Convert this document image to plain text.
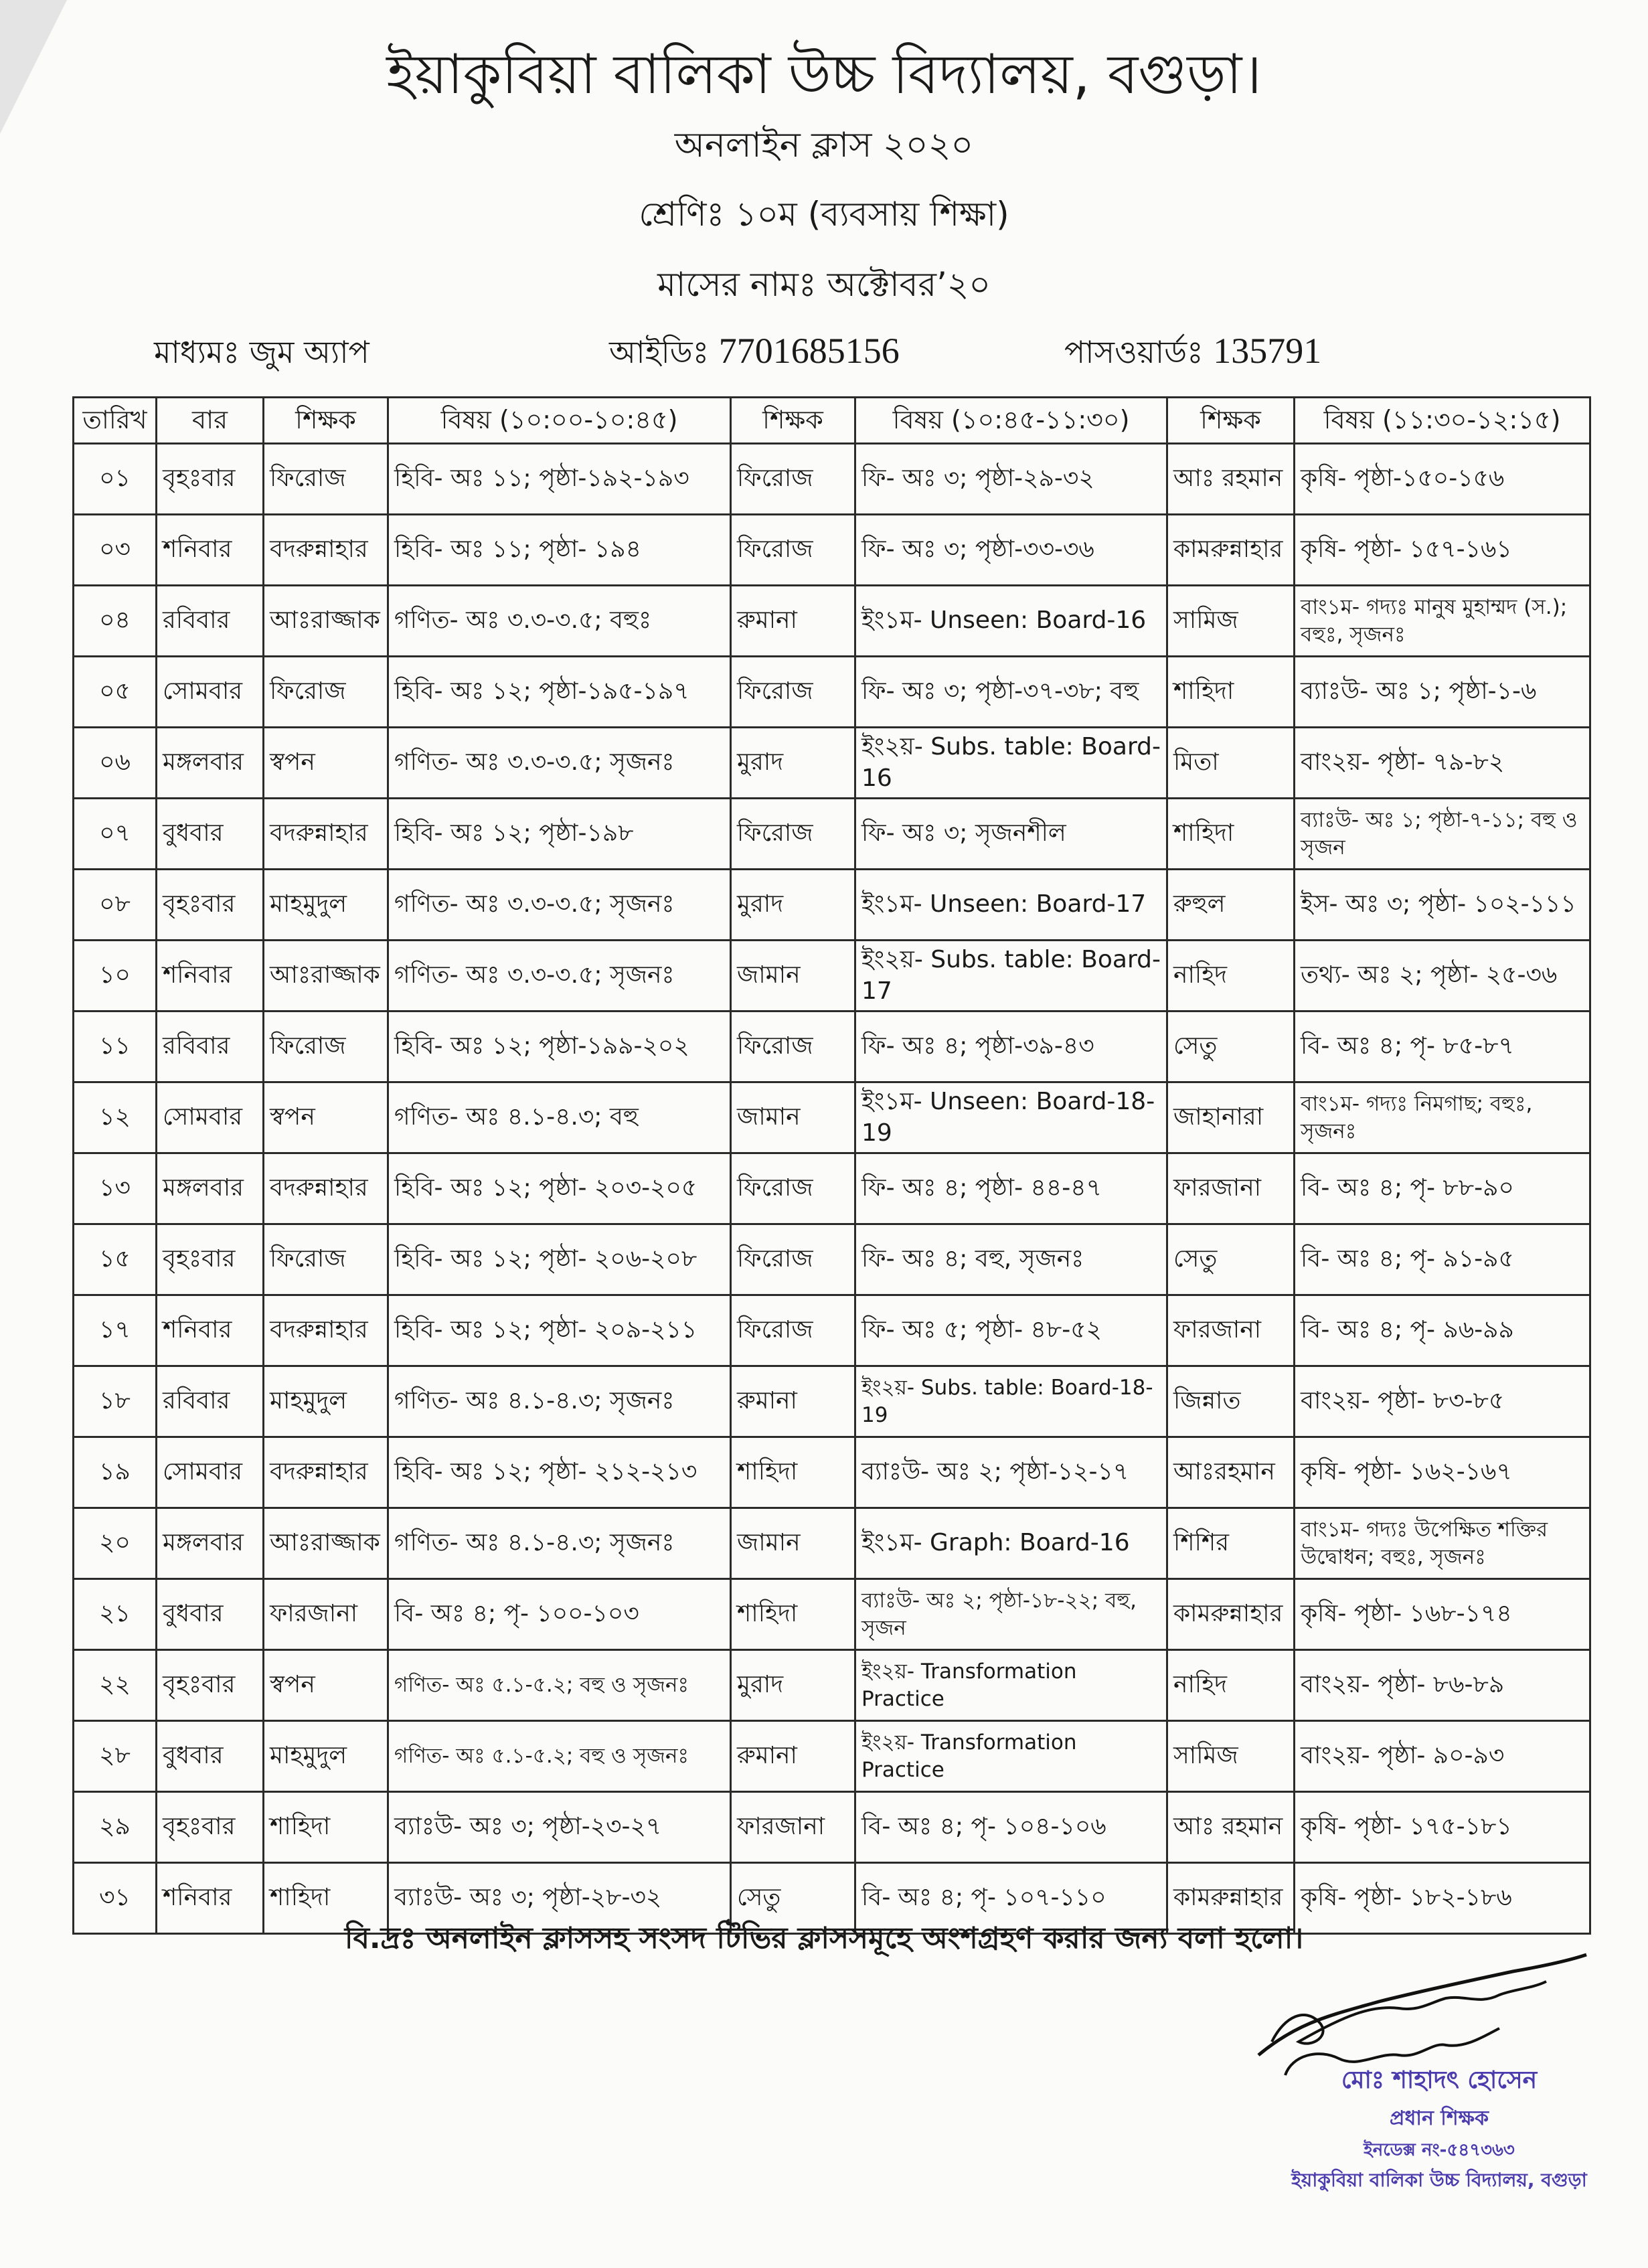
ইয়াকুবিয়া বালিকা উচ্চ বিদ্যালয়, বগুড়া।
অনলাইন ক্লাস ২০২০
শ্রেণিঃ ১০ম (ব্যবসায় শিক্ষা)
মাসের নামঃ অক্টোবর’২০
মাধ্যমঃ জুম অ্যাপ	আইডিঃ 7701685156	পাসওয়ার্ডঃ 135791
তারিখ	বার	শিক্ষক	বিষয় (১০:০০-১০:৪৫)	শিক্ষক	বিষয় (১০:৪৫-১১:৩০)	শিক্ষক	বিষয় (১১:৩০-১২:১৫)
০১	বৃহঃবার	ফিরোজ	হিবি- অঃ ১১; পৃষ্ঠা-১৯২-১৯৩	ফিরোজ	ফি- অঃ ৩; পৃষ্ঠা-২৯-৩২	আঃ রহমান	কৃষি- পৃষ্ঠা-১৫০-১৫৬
০৩	শনিবার	বদরুন্নাহার	হিবি- অঃ ১১; পৃষ্ঠা- ১৯৪	ফিরোজ	ফি- অঃ ৩; পৃষ্ঠা-৩৩-৩৬	কামরুন্নাহার	কৃষি- পৃষ্ঠা- ১৫৭-১৬১
০৪	রবিবার	আঃরাজ্জাক	গণিত- অঃ ৩.৩-৩.৫; বহুঃ	রুমানা	ইং১ম- Unseen: Board-16	সামিজ	বাং১ম- গদ্যঃ মানুষ মুহাম্মদ (স.); বহুঃ, সৃজনঃ
০৫	সোমবার	ফিরোজ	হিবি- অঃ ১২; পৃষ্ঠা-১৯৫-১৯৭	ফিরোজ	ফি- অঃ ৩; পৃষ্ঠা-৩৭-৩৮; বহু	শাহিদা	ব্যাঃউ- অঃ ১; পৃষ্ঠা-১-৬
০৬	মঙ্গলবার	স্বপন	গণিত- অঃ ৩.৩-৩.৫; সৃজনঃ	মুরাদ	ইং২য়- Subs. table: Board-16	মিতা	বাং২য়- পৃষ্ঠা- ৭৯-৮২
০৭	বুধবার	বদরুন্নাহার	হিবি- অঃ ১২; পৃষ্ঠা-১৯৮	ফিরোজ	ফি- অঃ ৩; সৃজনশীল	শাহিদা	ব্যাঃউ- অঃ ১; পৃষ্ঠা-৭-১১; বহু ও সৃজন
০৮	বৃহঃবার	মাহমুদুল	গণিত- অঃ ৩.৩-৩.৫; সৃজনঃ	মুরাদ	ইং১ম- Unseen: Board-17	রুহুল	ইস- অঃ ৩; পৃষ্ঠা- ১০২-১১১
১০	শনিবার	আঃরাজ্জাক	গণিত- অঃ ৩.৩-৩.৫; সৃজনঃ	জামান	ইং২য়- Subs. table: Board-17	নাহিদ	তথ্য- অঃ ২; পৃষ্ঠা- ২৫-৩৬
১১	রবিবার	ফিরোজ	হিবি- অঃ ১২; পৃষ্ঠা-১৯৯-২০২	ফিরোজ	ফি- অঃ ৪; পৃষ্ঠা-৩৯-৪৩	সেতু	বি- অঃ ৪; পৃ- ৮৫-৮৭
১২	সোমবার	স্বপন	গণিত- অঃ ৪.১-৪.৩; বহু	জামান	ইং১ম- Unseen: Board-18-19	জাহানারা	বাং১ম- গদ্যঃ নিমগাছ; বহুঃ, সৃজনঃ
১৩	মঙ্গলবার	বদরুন্নাহার	হিবি- অঃ ১২; পৃষ্ঠা- ২০৩-২০৫	ফিরোজ	ফি- অঃ ৪; পৃষ্ঠা- ৪৪-৪৭	ফারজানা	বি- অঃ ৪; পৃ- ৮৮-৯০
১৫	বৃহঃবার	ফিরোজ	হিবি- অঃ ১২; পৃষ্ঠা- ২০৬-২০৮	ফিরোজ	ফি- অঃ ৪; বহু, সৃজনঃ	সেতু	বি- অঃ ৪; পৃ- ৯১-৯৫
১৭	শনিবার	বদরুন্নাহার	হিবি- অঃ ১২; পৃষ্ঠা- ২০৯-২১১	ফিরোজ	ফি- অঃ ৫; পৃষ্ঠা- ৪৮-৫২	ফারজানা	বি- অঃ ৪; পৃ- ৯৬-৯৯
১৮	রবিবার	মাহমুদুল	গণিত- অঃ ৪.১-৪.৩; সৃজনঃ	রুমানা	ইং২য়- Subs. table: Board-18-19	জিন্নাত	বাং২য়- পৃষ্ঠা- ৮৩-৮৫
১৯	সোমবার	বদরুন্নাহার	হিবি- অঃ ১২; পৃষ্ঠা- ২১২-২১৩	শাহিদা	ব্যাঃউ- অঃ ২; পৃষ্ঠা-১২-১৭	আঃরহমান	কৃষি- পৃষ্ঠা- ১৬২-১৬৭
২০	মঙ্গলবার	আঃরাজ্জাক	গণিত- অঃ ৪.১-৪.৩; সৃজনঃ	জামান	ইং১ম- Graph: Board-16	শিশির	বাং১ম- গদ্যঃ উপেক্ষিত শক্তির উদ্বোধন; বহুঃ, সৃজনঃ
২১	বুধবার	ফারজানা	বি- অঃ ৪; পৃ- ১০০-১০৩	শাহিদা	ব্যাঃউ- অঃ ২; পৃষ্ঠা-১৮-২২; বহু, সৃজন	কামরুন্নাহার	কৃষি- পৃষ্ঠা- ১৬৮-১৭৪
২২	বৃহঃবার	স্বপন	গণিত- অঃ ৫.১-৫.২; বহু ও সৃজনঃ	মুরাদ	ইং২য়- Transformation Practice	নাহিদ	বাং২য়- পৃষ্ঠা- ৮৬-৮৯
২৮	বুধবার	মাহমুদুল	গণিত- অঃ ৫.১-৫.২; বহু ও সৃজনঃ	রুমানা	ইং২য়- Transformation Practice	সামিজ	বাং২য়- পৃষ্ঠা- ৯০-৯৩
২৯	বৃহঃবার	শাহিদা	ব্যাঃউ- অঃ ৩; পৃষ্ঠা-২৩-২৭	ফারজানা	বি- অঃ ৪; পৃ- ১০৪-১০৬	আঃ রহমান	কৃষি- পৃষ্ঠা- ১৭৫-১৮১
৩১	শনিবার	শাহিদা	ব্যাঃউ- অঃ ৩; পৃষ্ঠা-২৮-৩২	সেতু	বি- অঃ ৪; পৃ- ১০৭-১১০	কামরুন্নাহার	কৃষি- পৃষ্ঠা- ১৮২-১৮৬
বি.দ্রঃ অনলাইন ক্লাসসহ সংসদ টিভির ক্লাসসমূহে অংশগ্রহণ করার জন্য বলা হলো।
মোঃ শাহাদৎ হোসেন
প্রধান শিক্ষক
ইনডেক্স নং-৫৪৭৩৬৩
ইয়াকুবিয়া বালিকা উচ্চ বিদ্যালয়, বগুড়া
